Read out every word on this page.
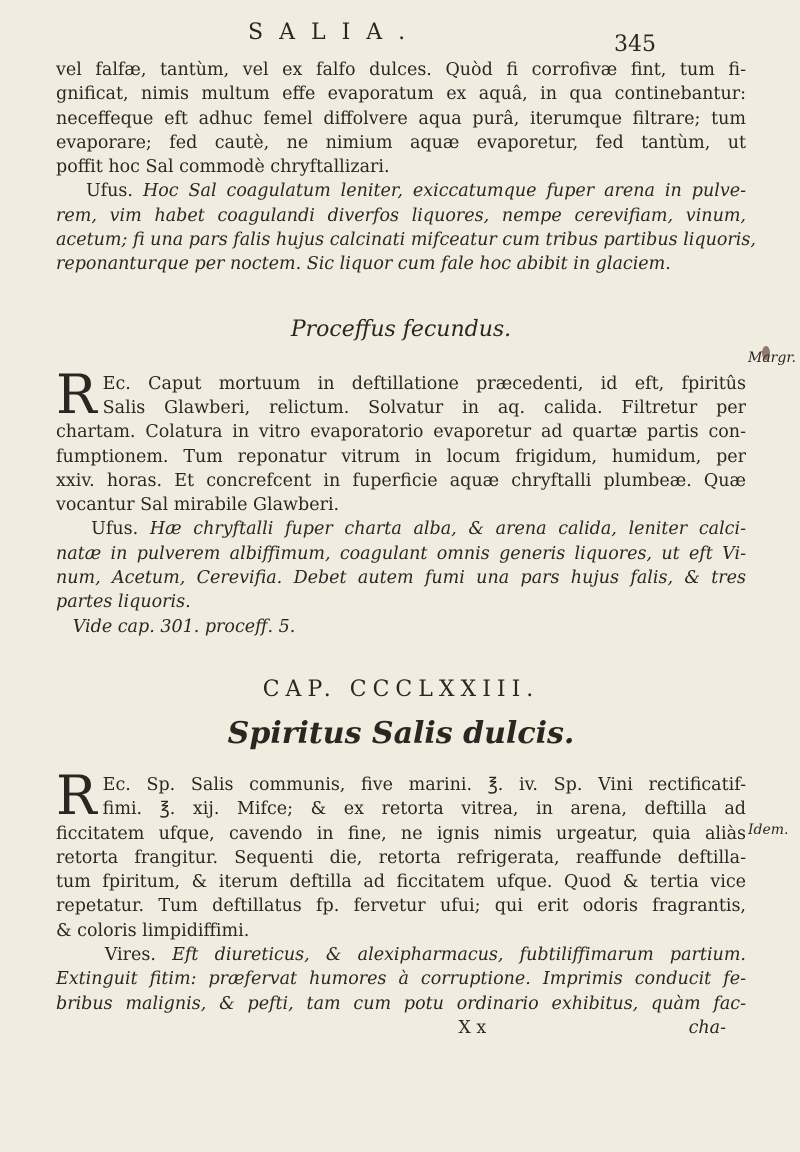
SALIA.	345

vel falfæ, tantùm, vel ex falfo dulces. Quòd fi corrofivæ fint, tum fi-
gnificat, nimis multum effe evaporatum ex aquâ, in qua continebantur:
neceffeque eft adhuc femel diffolvere aqua purâ, iterumque filtrare; tum
evaporare; fed cautè, ne nimium aquæ evaporetur, fed tantùm, ut
poffit hoc Sal commodè chryftallizari.

Ufus. Hoc Sal coagulatum leniter, exiccatumque fuper arena in pulve-
rem, vim habet coagulandi diverfos liquores, nempe cerevifiam, vinum,
acetum; fi una pars falis hujus calcinati mifceatur cum tribus partibus liquoris,
reponanturque per noctem. Sic liquor cum fale hoc abibit in glaciem.

Proceffus fecundus.

R Ec. Caput mortuum in deftillatione præcedenti, id eft, fpiritûs
Salis Glawberi, relictum. Solvatur in aq. calida. Filtretur per
chartam. Colatura in vitro evaporatorio evaporetur ad quartæ partis con-
fumptionem. Tum reponatur vitrum in locum frigidum, humidum, per
xxiv. horas. Et concrefcent in fuperficie aquæ chryftalli plumbeæ. Quæ
vocantur Sal mirabile Glawberi.

Ufus. Hæ chryftalli fuper charta alba, & arena calida, leniter calci-
natæ in pulverem albiffimum, coagulant omnis generis liquores, ut eft Vi-
num, Acetum, Cerevifia. Debet autem fumi una pars hujus falis, & tres
partes liquoris.
Vide cap. 301. proceff. 5.

CAP. CCCLXXIII.
Spiritus Salis dulcis.

R Ec. Sp. Salis communis, five marini. ℥. iv. Sp. Vini rectificatif-
fimi. ℥. xij. Mifce; & ex retorta vitrea, in arena, deftilla ad
ficcitatem ufque, cavendo in fine, ne ignis nimis urgeatur, quia aliàs
retorta frangitur. Sequenti die, retorta refrigerata, reaffunde deftilla-
tum fpiritum, & iterum deftilla ad ficcitatem ufque. Quod & tertia vice
repetatur. Tum deftillatus fp. fervetur ufui; qui erit odoris fragrantis,
& coloris limpidiffimi.

Vires. Eft diureticus, & alexipharmacus, fubtiliffimarum partium.
Extinguit fitim: præfervat humores à corruptione. Imprimis conducit fe-
bribus malignis, & pefti, tam cum potu ordinario exhibitus, quàm fac-

X x	cha-
Margr.
Idem.
